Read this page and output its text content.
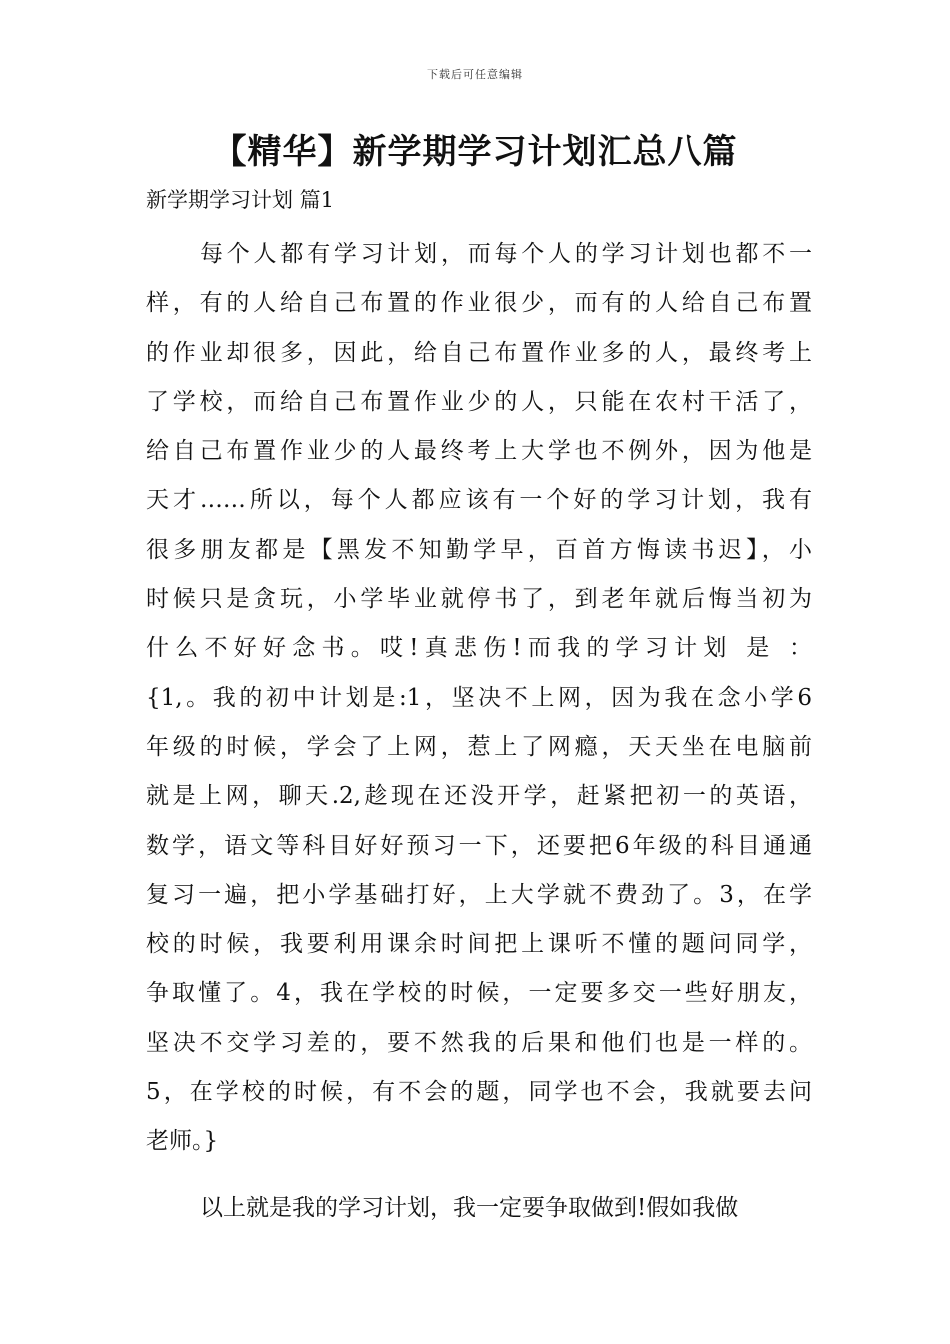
下载后可任意编辑
【精华】新学期学习计划汇总八篇
新学期学习计划 篇1
每个人都有学习计划，而每个人的学习计划也都不一
样，有的人给自己布置的作业很少，而有的人给自己布置
的作业却很多，因此，给自己布置作业多的人，最终考上
了学校，而给自己布置作业少的人，只能在农村干活了，
给自己布置作业少的人最终考上大学也不例外，因为他是
天才……所以，每个人都应该有一个好的学习计划，我有
很多朋友都是【黑发不知勤学早，百首方悔读书迟】，小
时候只是贪玩，小学毕业就停书了，到老年就后悔当初为
什么不好好念书。哎!真悲伤!而我的学习计划 是 ：
{1,。我的初中计划是:1，坚决不上网，因为我在念小学6
年级的时候，学会了上网，惹上了网瘾，天天坐在电脑前
就是上网，聊天.2,趁现在还没开学，赶紧把初一的英语，
数学，语文等科目好好预习一下，还要把6年级的科目通通
复习一遍，把小学基础打好，上大学就不费劲了。3，在学
校的时候，我要利用课余时间把上课听不懂的题问同学，
争取懂了。4，我在学校的时候，一定要多交一些好朋友，
坚决不交学习差的，要不然我的后果和他们也是一样的。
5，在学校的时候，有不会的题，同学也不会，我就要去问
老师。}
以上就是我的学习计划，我一定要争取做到!假如我做
